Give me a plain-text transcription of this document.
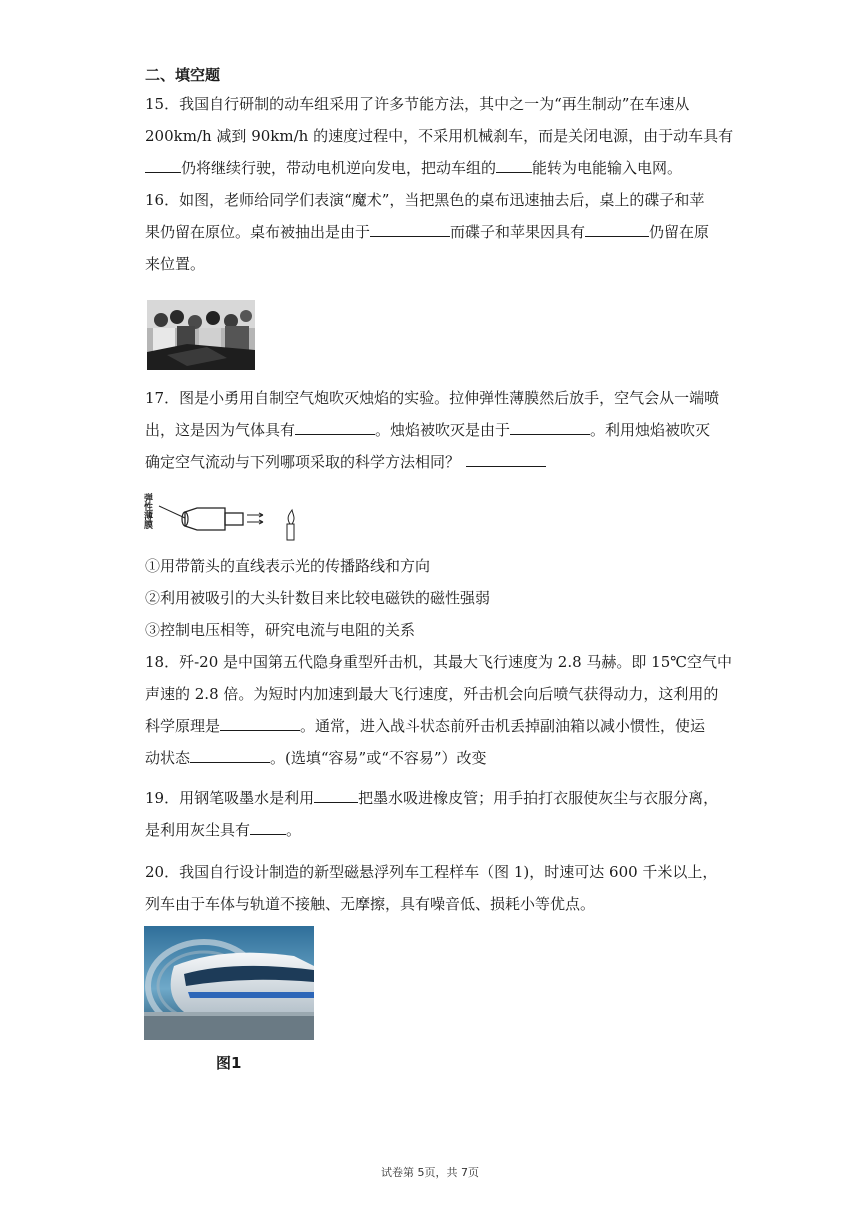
二、填空题

15．我国自行研制的动车组采用了许多节能方法，其中之一为“再生制动”在车速从

200km/h 减到 90km/h 的速度过程中，不采用机械刹车，而是关闭电源，由于动车具有

仍将继续行驶，带动电机逆向发电，把动车组的 能转为电能输入电网。

16．如图，老师给同学们表演“魔术”，当把黑色的桌布迅速抽去后，桌上的碟子和苹

果仍留在原位。桌布被抽出是由于	而碟子和苹果因具有	仍留在原

来位置。

17．图是小勇用自制空气炮吹灭烛焰的实验。拉伸弹性薄膜然后放手，空气会从一端喷

出，这是因为气体具有	。烛焰被吹灭是由于	。利用烛焰被吹灭

确定空气流动与下列哪项采取的科学方法相同？

弹性薄膜

①用带箭头的直线表示光的传播路线和方向

②利用被吸引的大头针数目来比较电磁铁的磁性强弱

③控制电压相等，研究电流与电阻的关系

18．歼-20 是中国第五代隐身重型歼击机，其最大飞行速度为 2.8 马赫。即 15℃空气中

声速的 2.8 倍。为短时内加速到最大飞行速度，歼击机会向后喷气获得动力，这利用的

科学原理是	。通常，进入战斗状态前歼击机丢掉副油箱以减小惯性，使运

动状态	。(选填“容易”或“不容易”）改变

19．用钢笔吸墨水是利用	把墨水吸进橡皮管；用手拍打衣服使灰尘与衣服分离，

是利用灰尘具有 。

20．我国自行设计制造的新型磁悬浮列车工程样车（图 1)，时速可达 600 千米以上，

列车由于车体与轨道不接触、无摩擦，具有噪音低、损耗小等优点。

图1
试卷第 5页，共 7页
